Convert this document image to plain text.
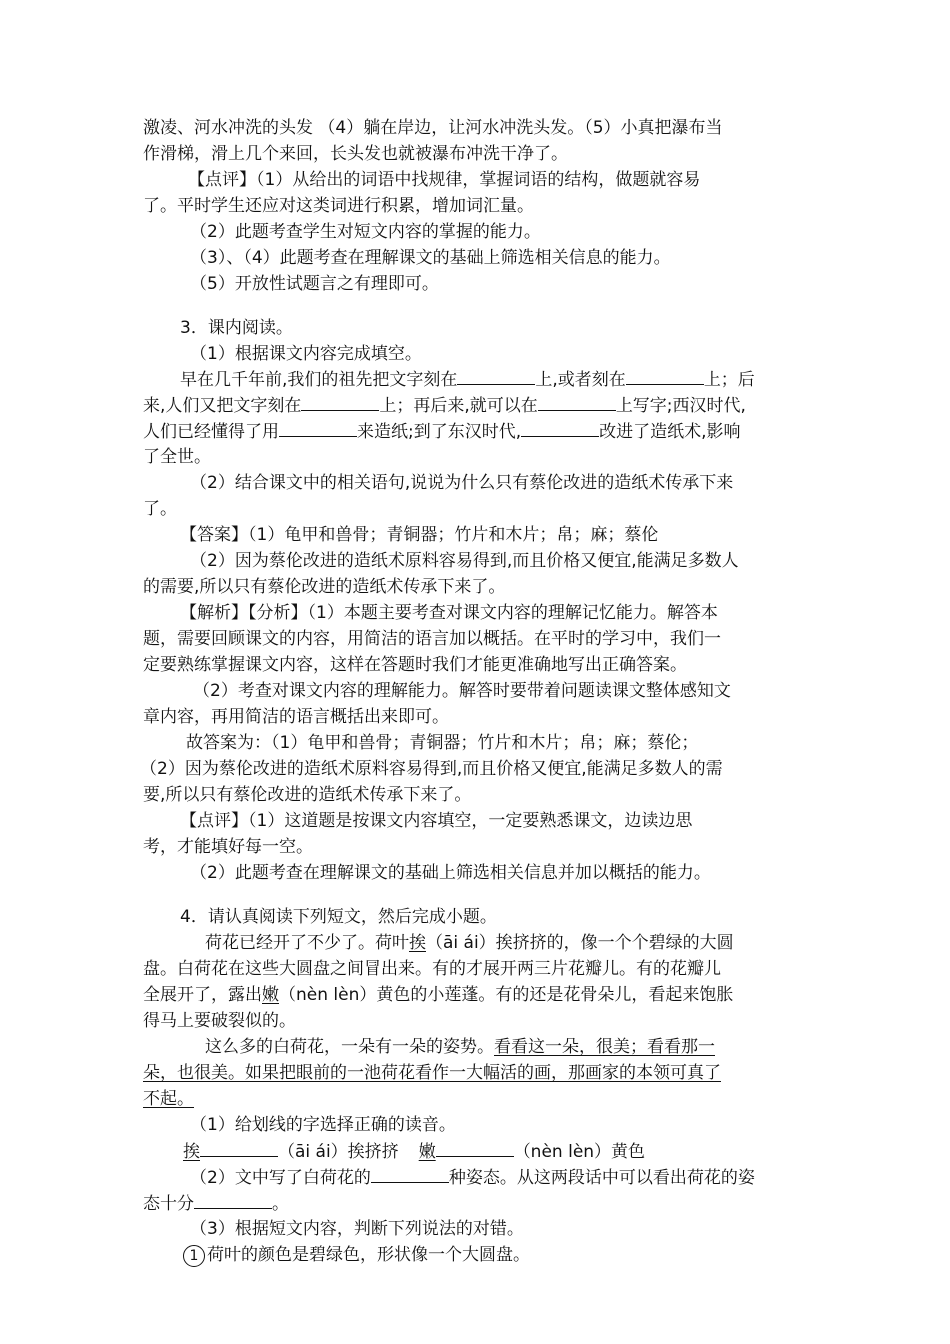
激凌、河水冲洗的头发 （4）躺在岸边，让河水冲洗头发。（5）小真把瀑布当
作滑梯，滑上几个来回，长头发也就被瀑布冲洗干净了。
【点评】（1）从给出的词语中找规律，掌握词语的结构，做题就容易
了。平时学生还应对这类词进行积累，增加词汇量。
（2）此题考查学生对短文内容的掌握的能力。
（3）、（4）此题考查在理解课文的基础上筛选相关信息的能力。
（5）开放性试题言之有理即可。
3．课内阅读。
（1）根据课文内容完成填空。
早在几千年前,我们的祖先把文字刻在	上,或者刻在	上；后
来,人们又把文字刻在	上；再后来,就可以在	上写字;西汉时代,
人们已经懂得了用	来造纸;到了东汉时代,	改进了造纸术,影响
了全世。
（2）结合课文中的相关语句,说说为什么只有蔡伦改进的造纸术传承下来
了。
【答案】（1）龟甲和兽骨；青铜器；竹片和木片；帛；麻；蔡伦
（2）因为蔡伦改进的造纸术原料容易得到,而且价格又便宜,能满足多数人
的需要,所以只有蔡伦改进的造纸术传承下来了。
【解析】【分析】（1）本题主要考查对课文内容的理解记忆能力。解答本
题，需要回顾课文的内容，用简洁的语言加以概括。在平时的学习中，我们一
定要熟练掌握课文内容，这样在答题时我们才能更准确地写出正确答案。
（2）考查对课文内容的理解能力。解答时要带着问题读课文整体感知文
章内容，再用简洁的语言概括出来即可。
故答案为：（1）龟甲和兽骨；青铜器；竹片和木片；帛；麻；蔡伦；
（2）因为蔡伦改进的造纸术原料容易得到,而且价格又便宜,能满足多数人的需
要,所以只有蔡伦改进的造纸术传承下来了。
【点评】（1）这道题是按课文内容填空，一定要熟悉课文，边读边思
考，才能填好每一空。
（2）此题考查在理解课文的基础上筛选相关信息并加以概括的能力。
4．请认真阅读下列短文，然后完成小题。
荷花已经开了不少了。荷叶挨（āi ái）挨挤挤的，像一个个碧绿的大圆
盘。白荷花在这些大圆盘之间冒出来。有的才展开两三片花瓣儿。有的花瓣儿
全展开了，露出嫩（nèn lèn）黄色的小莲蓬。有的还是花骨朵儿，看起来饱胀
得马上要破裂似的。
这么多的白荷花，一朵有一朵的姿势。看看这一朵，很美；看看那一
朵，也很美。如果把眼前的一池荷花看作一大幅活的画，那画家的本领可真了
不起。
（1）给划线的字选择正确的读音。
挨	（āi ái）挨挤挤 嫩	（nèn lèn）黄色
（2）文中写了白荷花的	种姿态。从这两段话中可以看出荷花的姿
态十分	。
（3）根据短文内容，判断下列说法的对错。
1 荷叶的颜色是碧绿色，形状像一个大圆盘。
